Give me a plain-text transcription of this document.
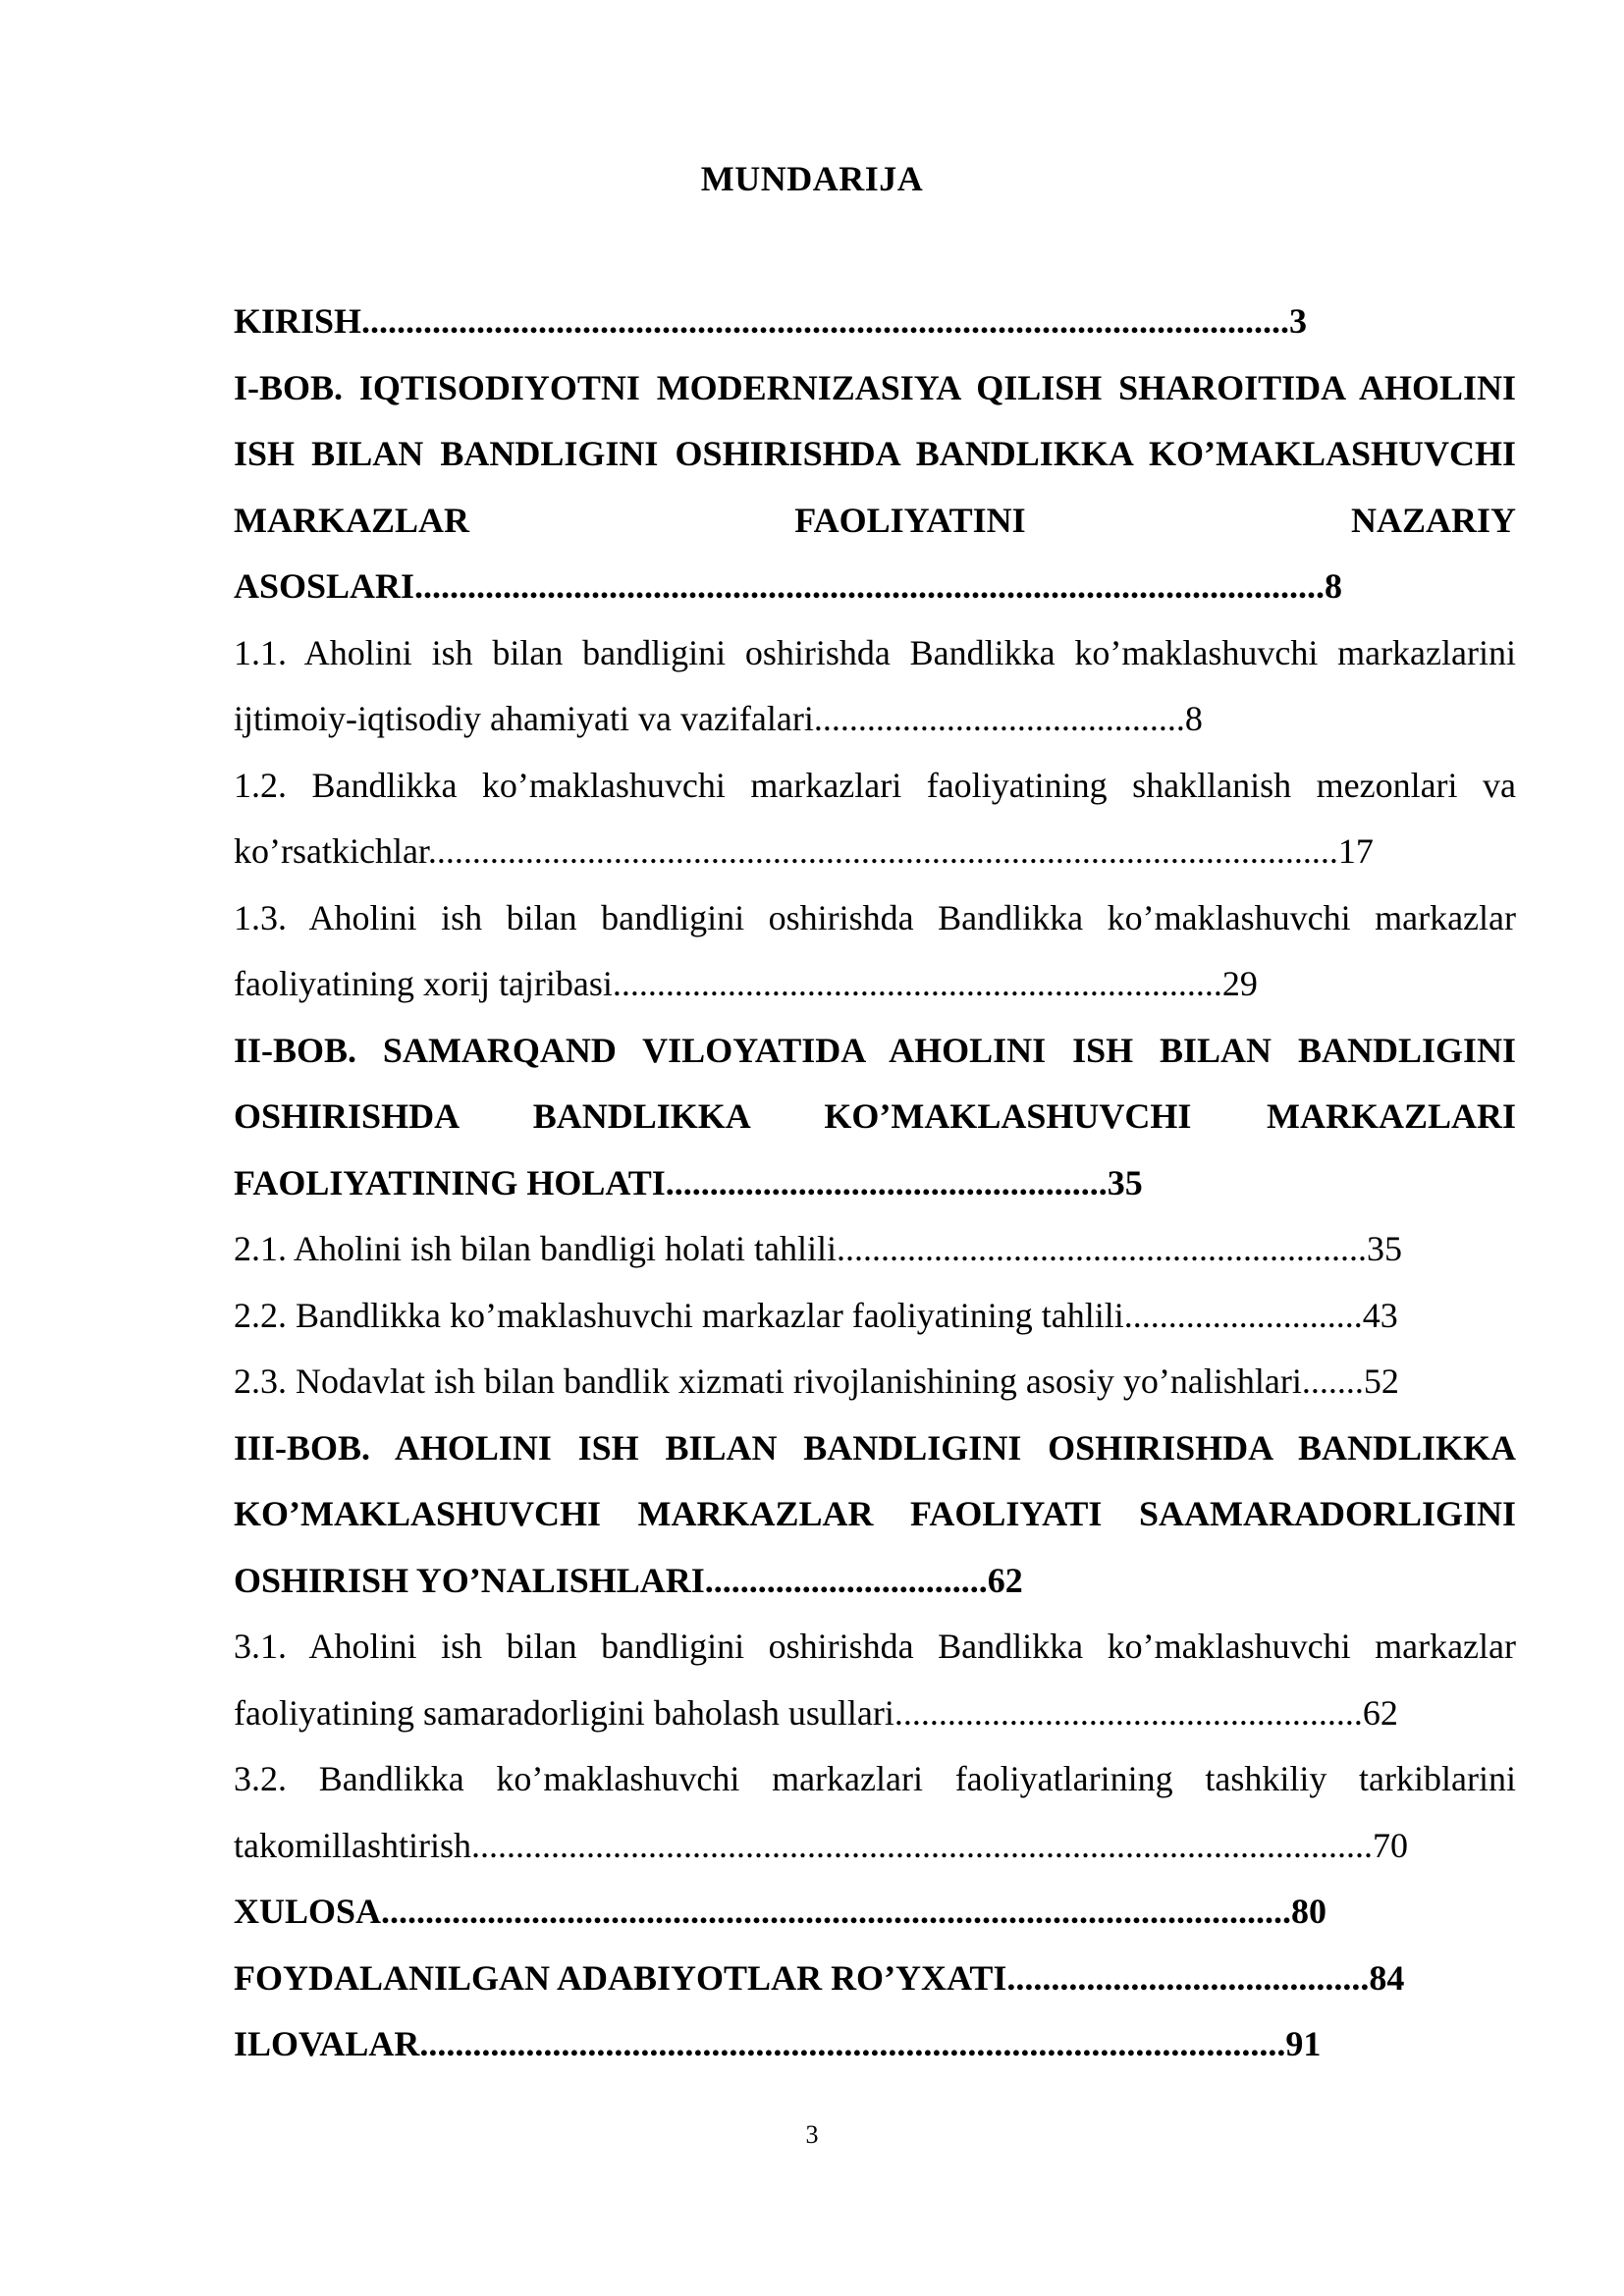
MUNDARIJA

KIRISH.........................................................................................................3

I-BOB. IQTISODIYOTNI MODERNIZASIYA QILISH SHAROITIDA AHOLINI ISH BILAN BANDLIGINI OSHIRISHDA BANDLIKKA KO’MAKLASHUVCHI MARKAZLAR FAOLIYATINI NAZARIY ASOSLARI.......................................................................................................8

1.1. Aholini ish bilan bandligini oshirishda Bandlikka ko’maklashuvchi markazlarini ijtimoiy-iqtisodiy ahamiyati va vazifalari..........................................8

1.2. Bandlikka ko’maklashuvchi markazlari faoliyatining shakllanish mezonlari va ko’rsatkichlar.......................................................................................................17

1.3. Aholini ish bilan bandligini oshirishda Bandlikka ko’maklashuvchi markazlar faoliyatining xorij tajribasi.....................................................................29

II-BOB. SAMARQAND VILOYATIDA AHOLINI ISH BILAN BANDLIGINI OSHIRISHDA BANDLIKKA KO’MAKLASHUVCHI MARKAZLARI FAOLIYATINING HOLATI..................................................35

2.1. Aholini ish bilan bandligi holati tahlili............................................................35

2.2. Bandlikka ko’maklashuvchi markazlar faoliyatining tahlili...........................43

2.3. Nodavlat ish bilan bandlik xizmati rivojlanishining asosiy yo’nalishlari.......52

III-BOB. AHOLINI ISH BILAN BANDLIGINI OSHIRISHDA BANDLIKKA KO’MAKLASHUVCHI MARKAZLAR FAOLIYATI SAAMARADORLIGINI OSHIRISH YO’NALISHLARI................................62

3.1. Aholini ish bilan bandligini oshirishda Bandlikka ko’maklashuvchi markazlar faoliyatining samaradorligini baholash usullari.....................................................62

3.2. Bandlikka ko’maklashuvchi markazlari faoliyatlarining tashkiliy tarkiblarini takomillashtirish......................................................................................................70

XULOSA.......................................................................................................80

FOYDALANILGAN ADABIYOTLAR RO’YXATI.........................................84

ILOVALAR..................................................................................................91

3
